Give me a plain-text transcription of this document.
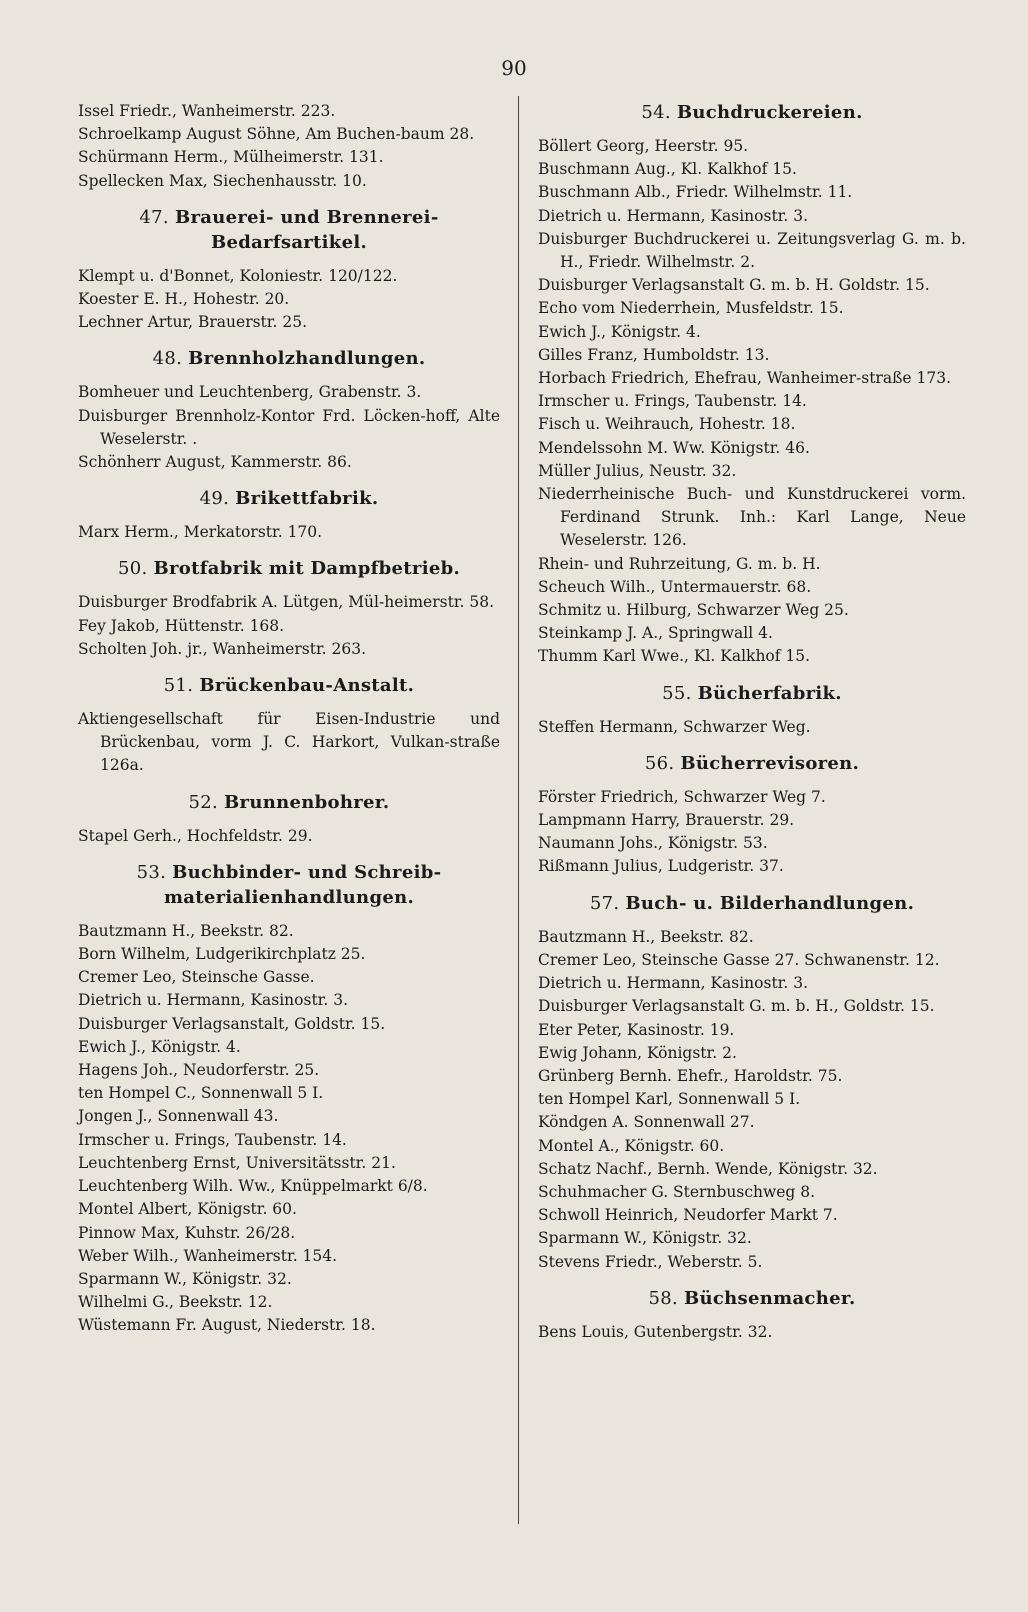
90
Issel Friedr., Wanheimerstr. 223.
Schroelkamp August Söhne, Am Buchen-baum 28.
Schürmann Herm., Mülheimerstr. 131.
Spellecken Max, Siechenhausstr. 10.
47. Brauerei- und Brennerei-Bedarfsartikel.
Klempt u. d'Bonnet, Koloniestr. 120/122.
Koester E. H., Hohestr. 20.
Lechner Artur, Brauerstr. 25.
48. Brennholzhandlungen.
Bomheuer und Leuchtenberg, Grabenstr. 3.
Duisburger Brennholz-Kontor Frd. Löcken-hoff, Alte Weselerstr. .
Schönherr August, Kammerstr. 86.
49. Brikettfabrik.
Marx Herm., Merkatorstr. 170.
50. Brotfabrik mit Dampfbetrieb.
Duisburger Brodfabrik A. Lütgen, Mül-heimerstr. 58.
Fey Jakob, Hüttenstr. 168.
Scholten Joh. jr., Wanheimerstr. 263.
51. Brückenbau-Anstalt.
Aktiengesellschaft für Eisen-Industrie und Brückenbau, vorm J. C. Harkort, Vulkan-straße 126a.
52. Brunnenbohrer.
Stapel Gerh., Hochfeldstr. 29.
53. Buchbinder- und Schreib-materialienhandlungen.
Bautzmann H., Beekstr. 82.
Born Wilhelm, Ludgerikirchplatz 25.
Cremer Leo, Steinsche Gasse.
Dietrich u. Hermann, Kasinostr. 3.
Duisburger Verlagsanstalt, Goldstr. 15.
Ewich J., Königstr. 4.
Hagens Joh., Neudorferstr. 25.
ten Hompel C., Sonnenwall 5 I.
Jongen J., Sonnenwall 43.
Irmscher u. Frings, Taubenstr. 14.
Leuchtenberg Ernst, Universitätsstr. 21.
Leuchtenberg Wilh. Ww., Knüppelmarkt 6/8.
Montel Albert, Königstr. 60.
Pinnow Max, Kuhstr. 26/28.
Weber Wilh., Wanheimerstr. 154.
Sparmann W., Königstr. 32.
Wilhelmi G., Beekstr. 12.
Wüstemann Fr. August, Niederstr. 18.
54. Buchdruckereien.
Böllert Georg, Heerstr. 95.
Buschmann Aug., Kl. Kalkhof 15.
Buschmann Alb., Friedr. Wilhelmstr. 11.
Dietrich u. Hermann, Kasinostr. 3.
Duisburger Buchdruckerei u. Zeitungsverlag G. m. b. H., Friedr. Wilhelmstr. 2.
Duisburger Verlagsanstalt G. m. b. H. Goldstr. 15.
Echo vom Niederrhein, Musfeldstr. 15.
Ewich J., Königstr. 4.
Gilles Franz, Humboldstr. 13.
Horbach Friedrich, Ehefrau, Wanheimer-straße 173.
Irmscher u. Frings, Taubenstr. 14.
Fisch u. Weihrauch, Hohestr. 18.
Mendelssohn M. Ww. Königstr. 46.
Müller Julius, Neustr. 32.
Niederrheinische Buch- und Kunstdruckerei vorm. Ferdinand Strunk. Inh.: Karl Lange, Neue Weselerstr. 126.
Rhein- und Ruhrzeitung, G. m. b. H.
Scheuch Wilh., Untermauerstr. 68.
Schmitz u. Hilburg, Schwarzer Weg 25.
Steinkamp J. A., Springwall 4.
Thumm Karl Wwe., Kl. Kalkhof 15.
55. Bücherfabrik.
Steffen Hermann, Schwarzer Weg.
56. Bücherrevisoren.
Förster Friedrich, Schwarzer Weg 7.
Lampmann Harry, Brauerstr. 29.
Naumann Johs., Königstr. 53.
Rißmann Julius, Ludgeristr. 37.
57. Buch- u. Bilderhandlungen.
Bautzmann H., Beekstr. 82.
Cremer Leo, Steinsche Gasse 27. Schwanenstr. 12.
Dietrich u. Hermann, Kasinostr. 3.
Duisburger Verlagsanstalt G. m. b. H., Goldstr. 15.
Eter Peter, Kasinostr. 19.
Ewig Johann, Königstr. 2.
Grünberg Bernh. Ehefr., Haroldstr. 75.
ten Hompel Karl, Sonnenwall 5 I.
Köndgen A. Sonnenwall 27.
Montel A., Königstr. 60.
Schatz Nachf., Bernh. Wende, Königstr. 32.
Schuhmacher G. Sternbuschweg 8.
Schwoll Heinrich, Neudorfer Markt 7.
Sparmann W., Königstr. 32.
Stevens Friedr., Weberstr. 5.
58. Büchsenmacher.
Bens Louis, Gutenbergstr. 32.
